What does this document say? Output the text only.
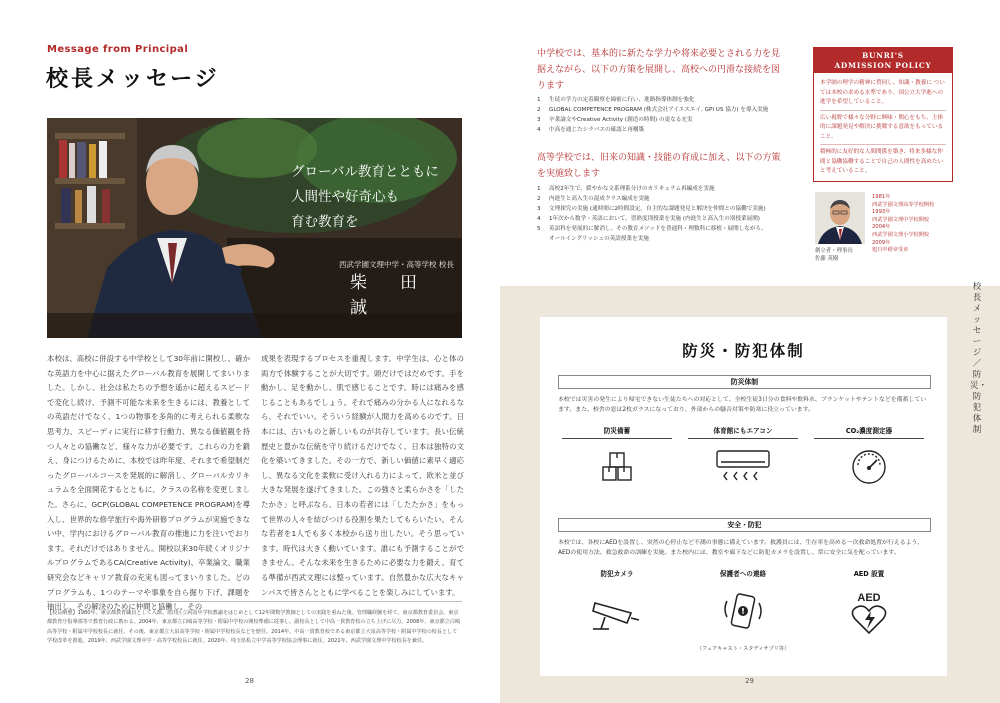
Message from Principal
校長メッセージ
グローバル教育とともに
人間性や好奇心も
育む教育を
西武学園文理中学・高等学校 校長
柴　田　誠
本校は、高校に併設する中学校として30年前に開校し、確かな英語力を中心に据えたグローバル教育を展開してまいりました。しかし、社会は私たちの予想を遥かに超えるスピードで変化し続け、予測不可能な未来を生きるには、教養としての英語だけでなく、1つの物事を多角的に考えられる柔軟な思考力、スピーディに実行に移す行動力、異なる価値観を持つ人々との協働など、様々な力が必要です。これらの力を鍛え、身につけるために、本校では昨年度、それまで希望制だったグローバルコースを発展的に解消し、グローバルカリキュラムを全面開花するとともに、クラスの名称を変更しました。さらに、GCP(GLOBAL COMPETENCE PROGRAM)を導入し、世界的な修学旅行や海外研修プログラムが実施できない中、学内におけるグローバル教育の推進に力を注いでおります。それだけではありません。開校以来30年続くオリジナルプログラムであるCA(Creative Activity)、卒業論文、職業研究会などキャリア教育の充実も図ってまいりました。どのプログラムも、1つのテーマや事象を自ら掘り下げ、課題を抽出し、その解決のために仲間と協働し、その
成果を表現するプロセスを重視します。中学生は、心と体の両方で体験することが大切です。頭だけではだめです。手を動かし、足を動かし、肌で感じることです。時には痛みを感じることもあるでしょう。それで痛みの分かる人になれるなら、それでいい。そういう経験が人間力を高めるのです。日本には、古いものと新しいものが共存しています。長い伝統歴史と豊かな伝統を守り続けるだけでなく、日本は独特の文化を築いてきました。その一方で、新しい価値に素早く適応し、異なる文化を柔軟に受け入れる力によって、欧米と並び大きな発展を遂げてきました。この強さと柔らかさを「したたかさ」と呼ぶなら、日本の若者には「したたかさ」をもって世界の人々を結びつける役割を果たしてもらいたい。そんな若者を1人でも多く本校から送り出したい。そう思っています。時代は大きく動いています。誰にも予測することができません。そんな未来を生きるために必要な力を鍛え、育てる準備が西武文理には整っています。自然豊かな広大なキャンパスで皆さんとともに学べることを楽しみにしています。
【校長略歴】1980年、東京都教育職員として入都。墨田区立両国中学校教諭をはじめとして12年間数学教師としての実践を重ねた後、管理職経験を経て、東京都教育委員会、東京都教育庁指導部等で教育行政に携わる。2004年、東京都立白鴎高等学校・附属中学校の開校準備に従事し、副校長として中高一貫教育校の立ち上げに尽力。2008年、東京都立白鴎高等学校・附属中学校校長に就任。その後、東京都立大泉高等学校・附属中学校校長などを歴任。2014年、中高一貫教育校である東京都立大泉高等学校・附属中学校の校長として学校改革を推進。2019年、西武学園文理中学・高等学校校長に就任。2020年、埼玉県私立中学高等学校協会理事に就任。2021年、西武学園文理中学校校長を兼任。
28
中学校では、基本的に新たな学力や将来必要とされる力を見据えながら、以下の方策を展開し、高校への円滑な接続を図ります
1	生徒の学力の定着観察を綿密に行い、進路指導体制を強化
2	GLOBAL COMPETENCE PROGRAM (株式会社アイエスエイ, GPI US 協力) を導入実施
3	卒業論文やCreative Activity (創造の時間) の更なる充実
4	中高を通じたシラバスの確認と再構築
高等学校では、旧来の知識・技能の育成に加え、以下の方策を実施致します
1	高校2年生で、緩やかな文系理系分けのカリキュラム再編成を実施
2	内進生と高入生の混成クラス編成を実施
3	文理探究の実施 (通時間に2時間設定。自主的な課題発見と解決を仲間との協働で実施)
4	1年次から数学・英語において、習熟度別授業を実施 (内進生と高入生の別授業展開)
5	英語科を発展的に解消し、その教育メソッドを普通科・理数科に移植・展開しながら、
オールイングリッシュの英語授業を実施
BUNRI'S
ADMISSION POLICY

本学園の理学の精神に賛同し、知識・教養に ついては本校の求める水準であり、国公立大学進への進学を希望していること。

広い視野で様々な分野に興味・関心をもち、主体的に課題発見や解決に挑戦する意欲をもっていること。

積極的に友好的な人間関係を築き、将来多様な仲間と協働協働することで自己の人間性を高めたいと考えていること。

創立者・理事長
佐藤 英樹
1981年
西武学園文理高等学校開校
1993年
西武学園文理中学校開校
2004年
西武学園文理小学校開校
2009年
旭日中綬章受章
校長メッセージ／防災・防犯体制
防災・防犯体制
防災体制
本校では災害の発生により帰宅できない生徒たちへの対応として、全校生徒3日分の食料や飲料水、ブランケットやテントなどを備蓄しています。また、校舎の窓は2枚ガラスになっており、外部からの騒音対策や防寒に役立っています。
防災備蓄	体育館にもエアコン	CO₂濃度測定器
安全・防犯
本校では、各校にAEDを設置し、突然の心停止など不測の事態に備えています。救護員には、生存率を高める一次救命処置が行えるよう、AEDの使用方法、救急救命の訓練を実施。また校内には、教室や廊下などに防犯カメラを設置し、常に安全に気を配っています。
防犯カメラ	保護者への連絡
（フェアキャスト・スタディサプリ等）
AED 設置
AED
29
